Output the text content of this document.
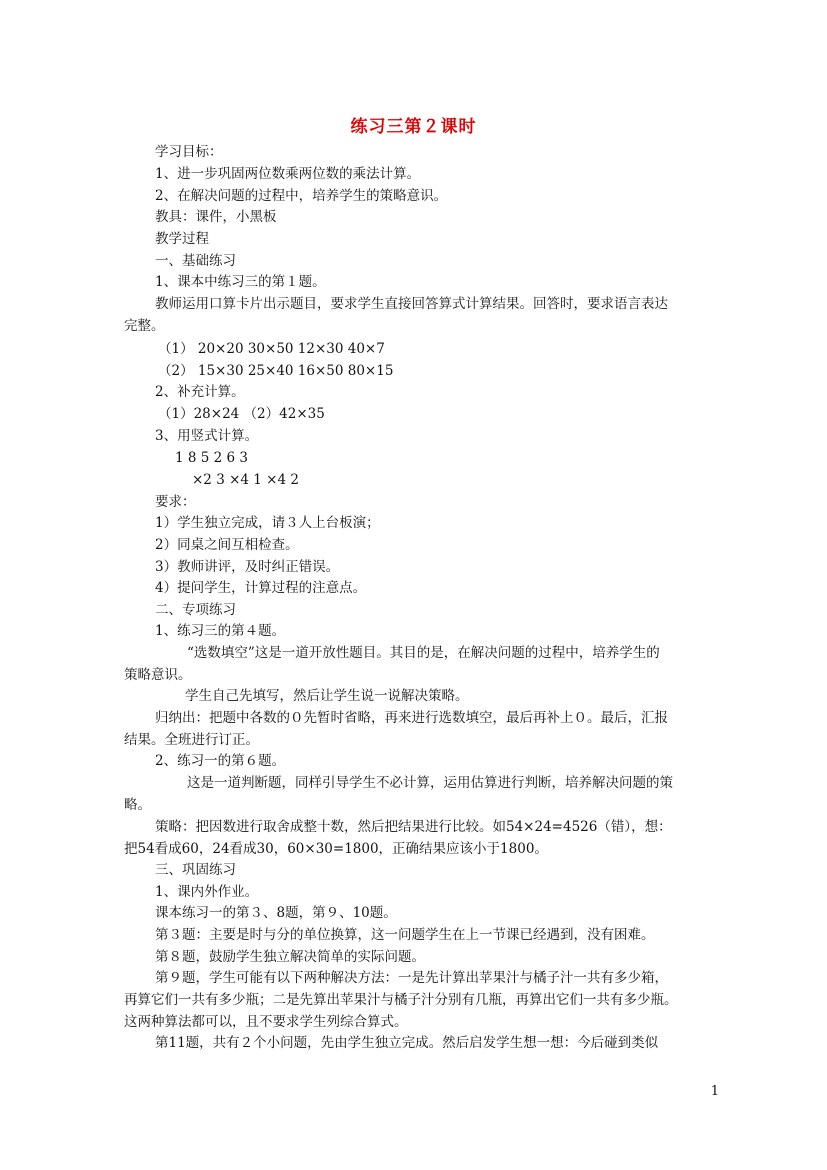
练习三第２课时
学习目标：
1、进一步巩固两位数乘两位数的乘法计算。
2、在解决问题的过程中，培养学生的策略意识。
教具：课件，小黑板
教学过程
一、基础练习
1、课本中练习三的第１题。
教师运用口算卡片出示题目，要求学生直接回答算式计算结果。回答时，要求语言表达
完整。
（1） 20×20 30×50 12×30 40×7
（2） 15×30 25×40 16×50 80×15
2、补充计算。
（1）28×24 （2）42×35
3、用竖式计算。
1 8 5 2 6 3
×2 3 ×4 1 ×4 2
要求：
1）学生独立完成，请３人上台板演；
2）同桌之间互相检查。
3）教师讲评，及时纠正错误。
4）提问学生，计算过程的注意点。
二、专项练习
1、练习三的第４题。
“选数填空”这是一道开放性题目。其目的是，在解决问题的过程中，培养学生的
策略意识。
学生自己先填写，然后让学生说一说解决策略。
归纳出：把题中各数的０先暂时省略，再来进行选数填空，最后再补上０。最后，汇报
结果。全班进行订正。
2、练习一的第６题。
这是一道判断题，同样引导学生不必计算，运用估算进行判断，培养解决问题的策
略。
策略：把因数进行取舍成整十数，然后把结果进行比较。如54×24=4526（错），想：
把54看成60，24看成30，60×30=1800，正确结果应该小于1800。
三、巩固练习
1、课内外作业。
课本练习一的第３、8题，第９、10题。
第３题：主要是时与分的单位换算，这一问题学生在上一节课已经遇到，没有困难。
第８题，鼓励学生独立解决简单的实际问题。
第９题，学生可能有以下两种解决方法：一是先计算出苹果汁与橘子汁一共有多少箱，
再算它们一共有多少瓶；二是先算出苹果汁与橘子汁分别有几瓶，再算出它们一共有多少瓶。
这两种算法都可以，且不要求学生列综合算式。
第11题，共有２个小问题，先由学生独立完成。然后启发学生想一想：今后碰到类似
1
